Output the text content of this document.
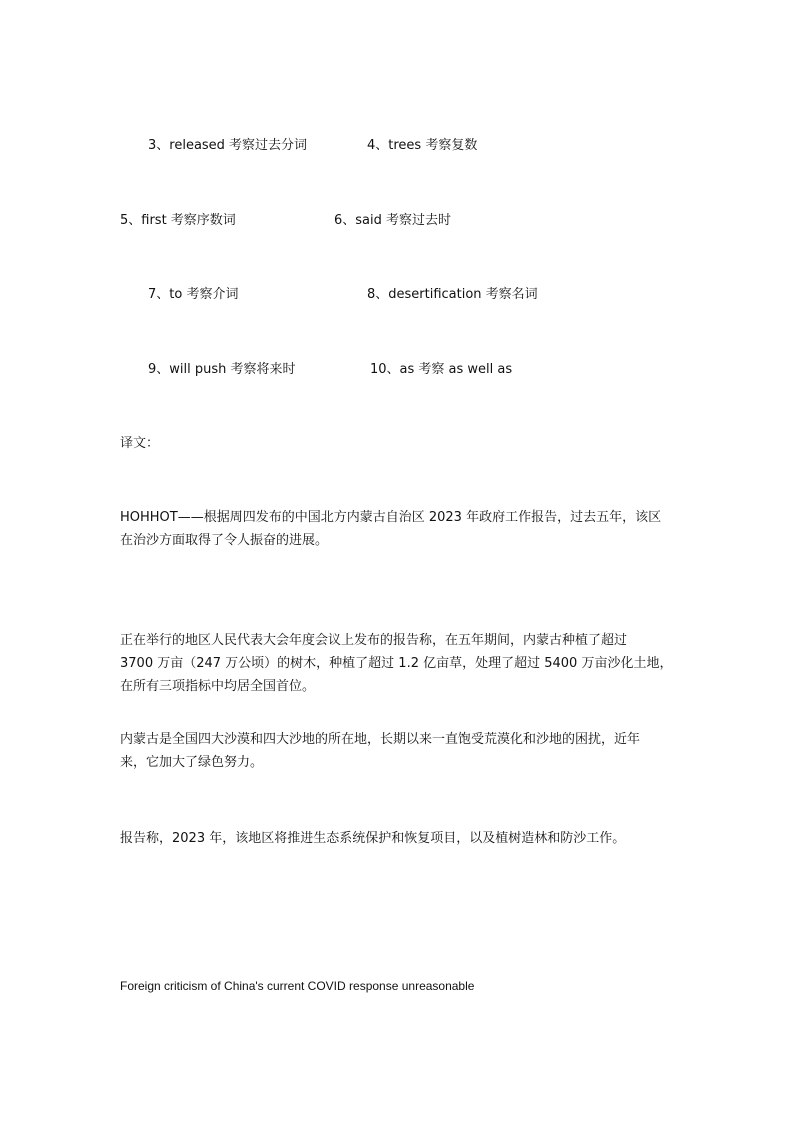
3、released 考察过去分词	4、trees 考察复数
5、first 考察序数词	6、said 考察过去时
7、to 考察介词	8、desertification 考察名词
9、will push 考察将来时	10、as 考察 as well as
译文：
HOHHOT——根据周四发布的中国北方内蒙古自治区 2023 年政府工作报告，过去五年，该区
在治沙方面取得了令人振奋的进展。
正在举行的地区人民代表大会年度会议上发布的报告称，在五年期间，内蒙古种植了超过
3700 万亩（247 万公顷）的树木，种植了超过 1.2 亿亩草，处理了超过 5400 万亩沙化土地，
在所有三项指标中均居全国首位。
内蒙古是全国四大沙漠和四大沙地的所在地，长期以来一直饱受荒漠化和沙地的困扰，近年
来，它加大了绿色努力。
报告称，2023 年，该地区将推进生态系统保护和恢复项目，以及植树造林和防沙工作。
Foreign criticism of China's current COVID response unreasonable
